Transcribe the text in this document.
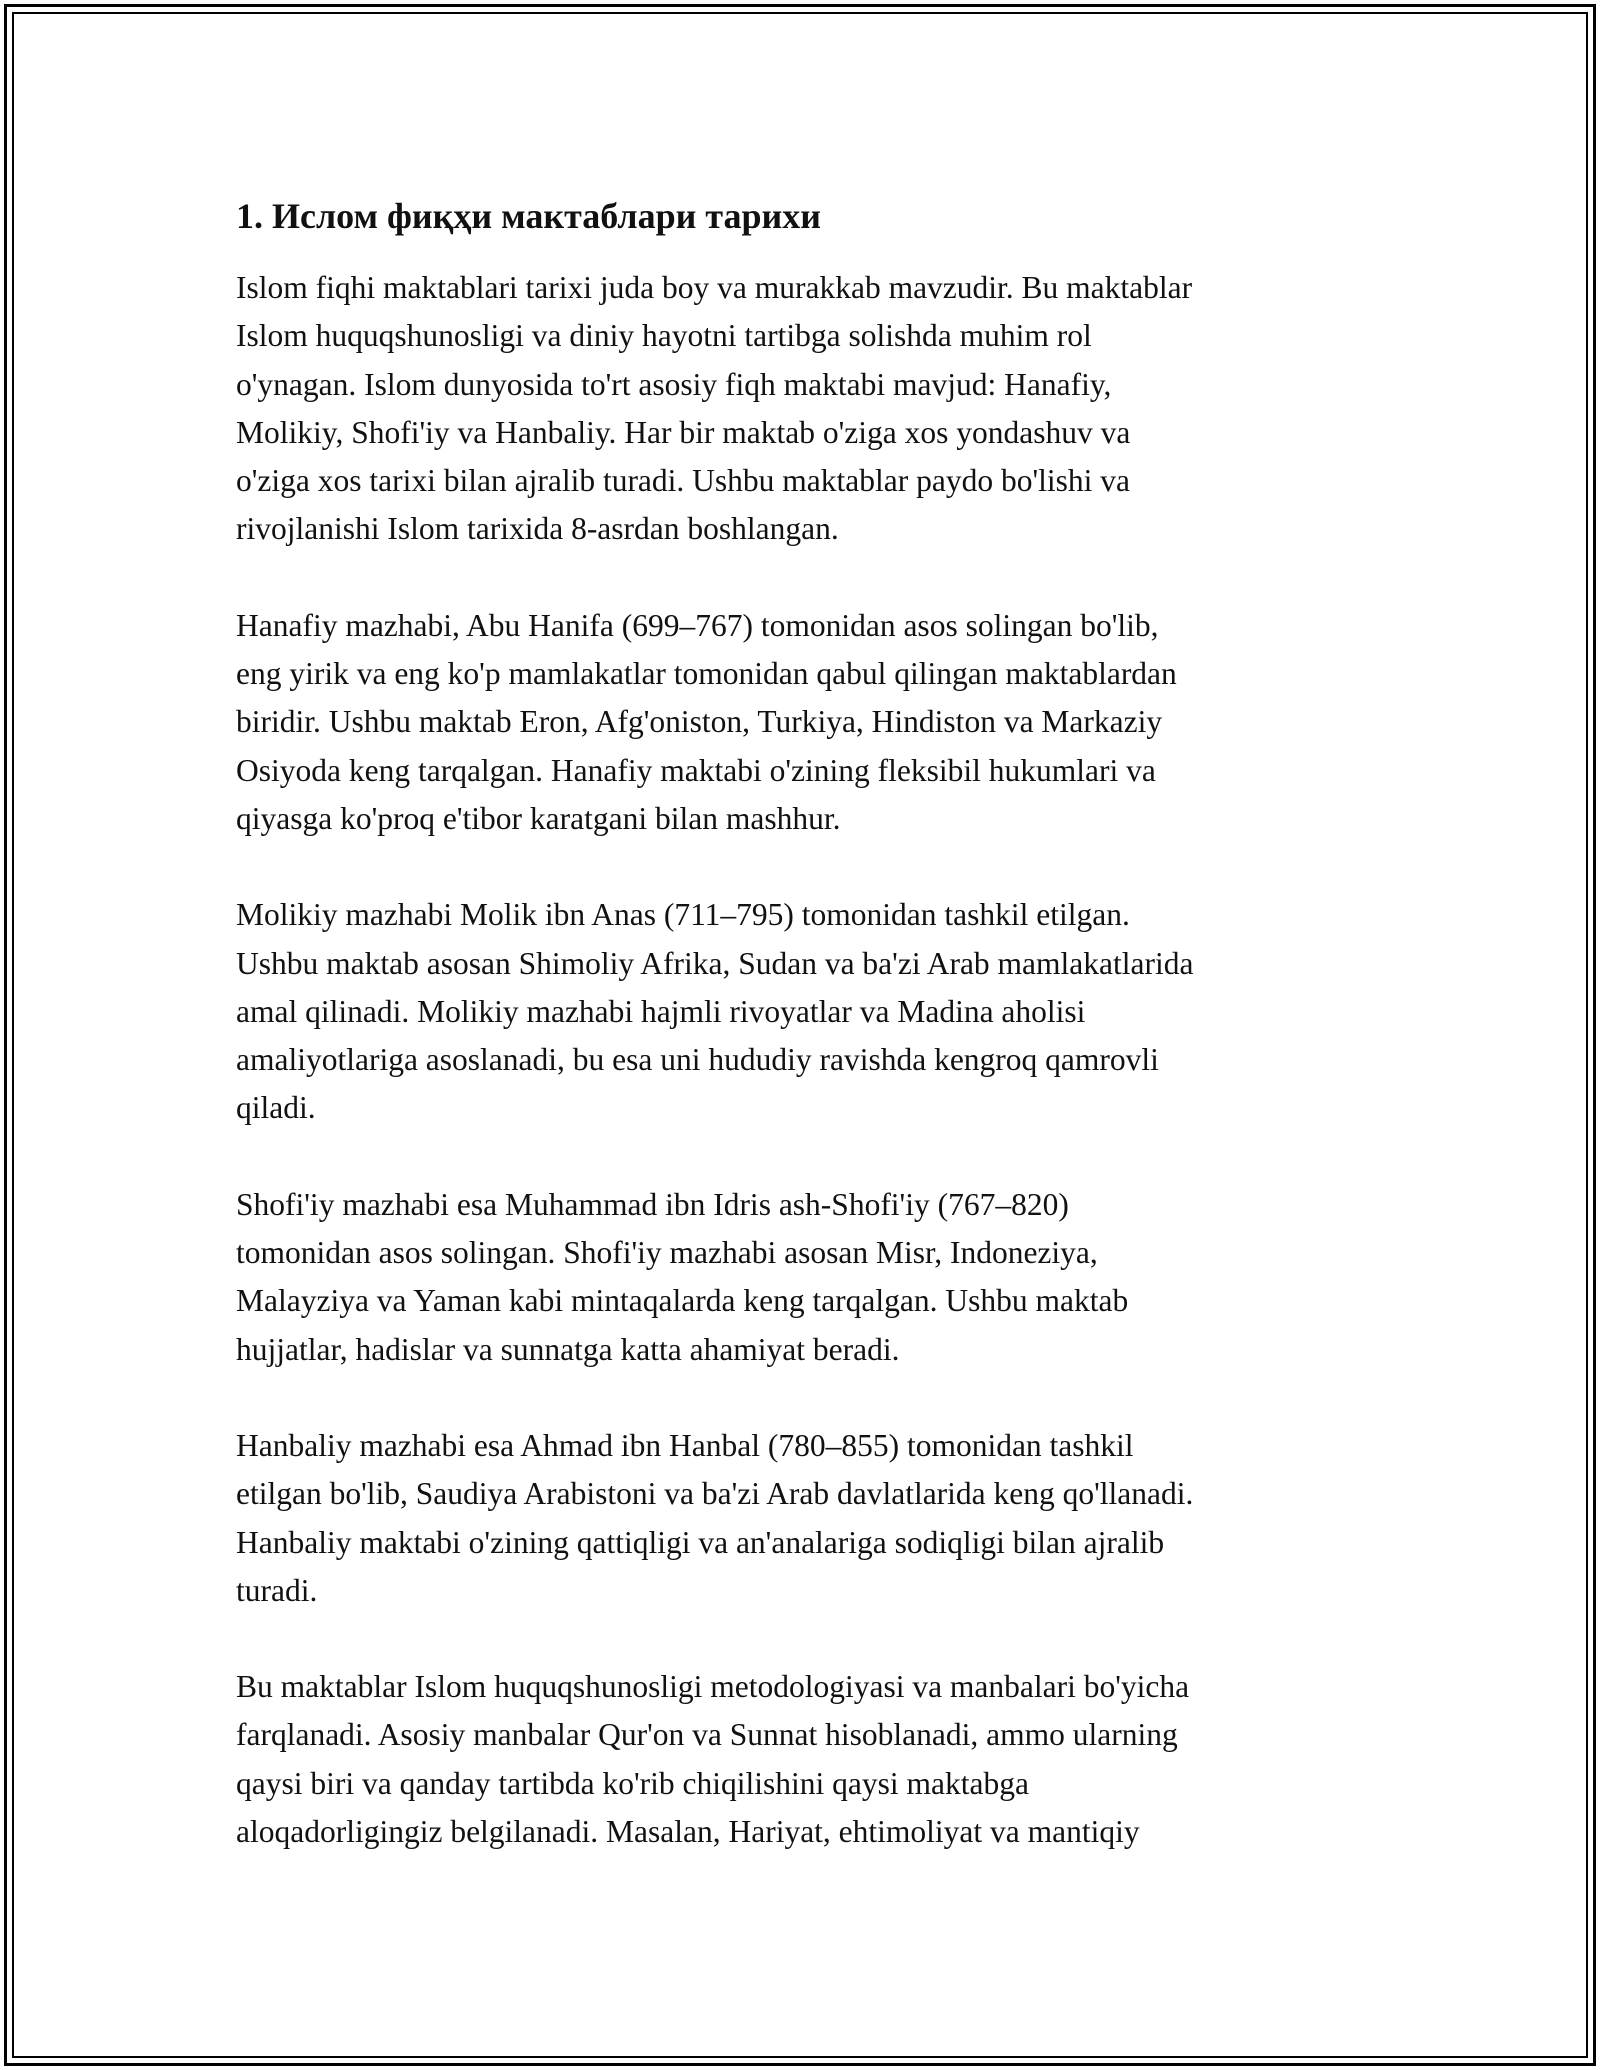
1. Ислом фиқҳи мактаблари тарихи

Islom fiqhi maktablari tarixi juda boy va murakkab mavzudir. Bu maktablar
Islom huquqshunosligi va diniy hayotni tartibga solishda muhim rol
o'ynagan. Islom dunyosida to'rt asosiy fiqh maktabi mavjud: Hanafiy,
Molikiy, Shofi'iy va Hanbaliy. Har bir maktab o'ziga xos yondashuv va
o'ziga xos tarixi bilan ajralib turadi. Ushbu maktablar paydo bo'lishi va
rivojlanishi Islom tarixida 8-asrdan boshlangan.

Hanafiy mazhabi, Abu Hanifa (699–767) tomonidan asos solingan bo'lib,
eng yirik va eng ko'p mamlakatlar tomonidan qabul qilingan maktablardan
biridir. Ushbu maktab Eron, Afg'oniston, Turkiya, Hindiston va Markaziy
Osiyoda keng tarqalgan. Hanafiy maktabi o'zining fleksibil hukumlari va
qiyasga ko'proq e'tibor karatgani bilan mashhur.

Molikiy mazhabi Molik ibn Anas (711–795) tomonidan tashkil etilgan.
Ushbu maktab asosan Shimoliy Afrika, Sudan va ba'zi Arab mamlakatlarida
amal qilinadi. Molikiy mazhabi hajmli rivoyatlar va Madina aholisi
amaliyotlariga asoslanadi, bu esa uni hududiy ravishda kengroq qamrovli
qiladi.

Shofi'iy mazhabi esa Muhammad ibn Idris ash-Shofi'iy (767–820)
tomonidan asos solingan. Shofi'iy mazhabi asosan Misr, Indoneziya,
Malayziya va Yaman kabi mintaqalarda keng tarqalgan. Ushbu maktab
hujjatlar, hadislar va sunnatga katta ahamiyat beradi.

Hanbaliy mazhabi esa Ahmad ibn Hanbal (780–855) tomonidan tashkil
etilgan bo'lib, Saudiya Arabistoni va ba'zi Arab davlatlarida keng qo'llanadi.
Hanbaliy maktabi o'zining qattiqligi va an'analariga sodiqligi bilan ajralib
turadi.

Bu maktablar Islom huquqshunosligi metodologiyasi va manbalari bo'yicha
farqlanadi. Asosiy manbalar Qur'on va Sunnat hisoblanadi, ammo ularning
qaysi biri va qanday tartibda ko'rib chiqilishini qaysi maktabga
aloqadorligingiz belgilanadi. Masalan, Hariyat, ehtimoliyat va mantiqiy
